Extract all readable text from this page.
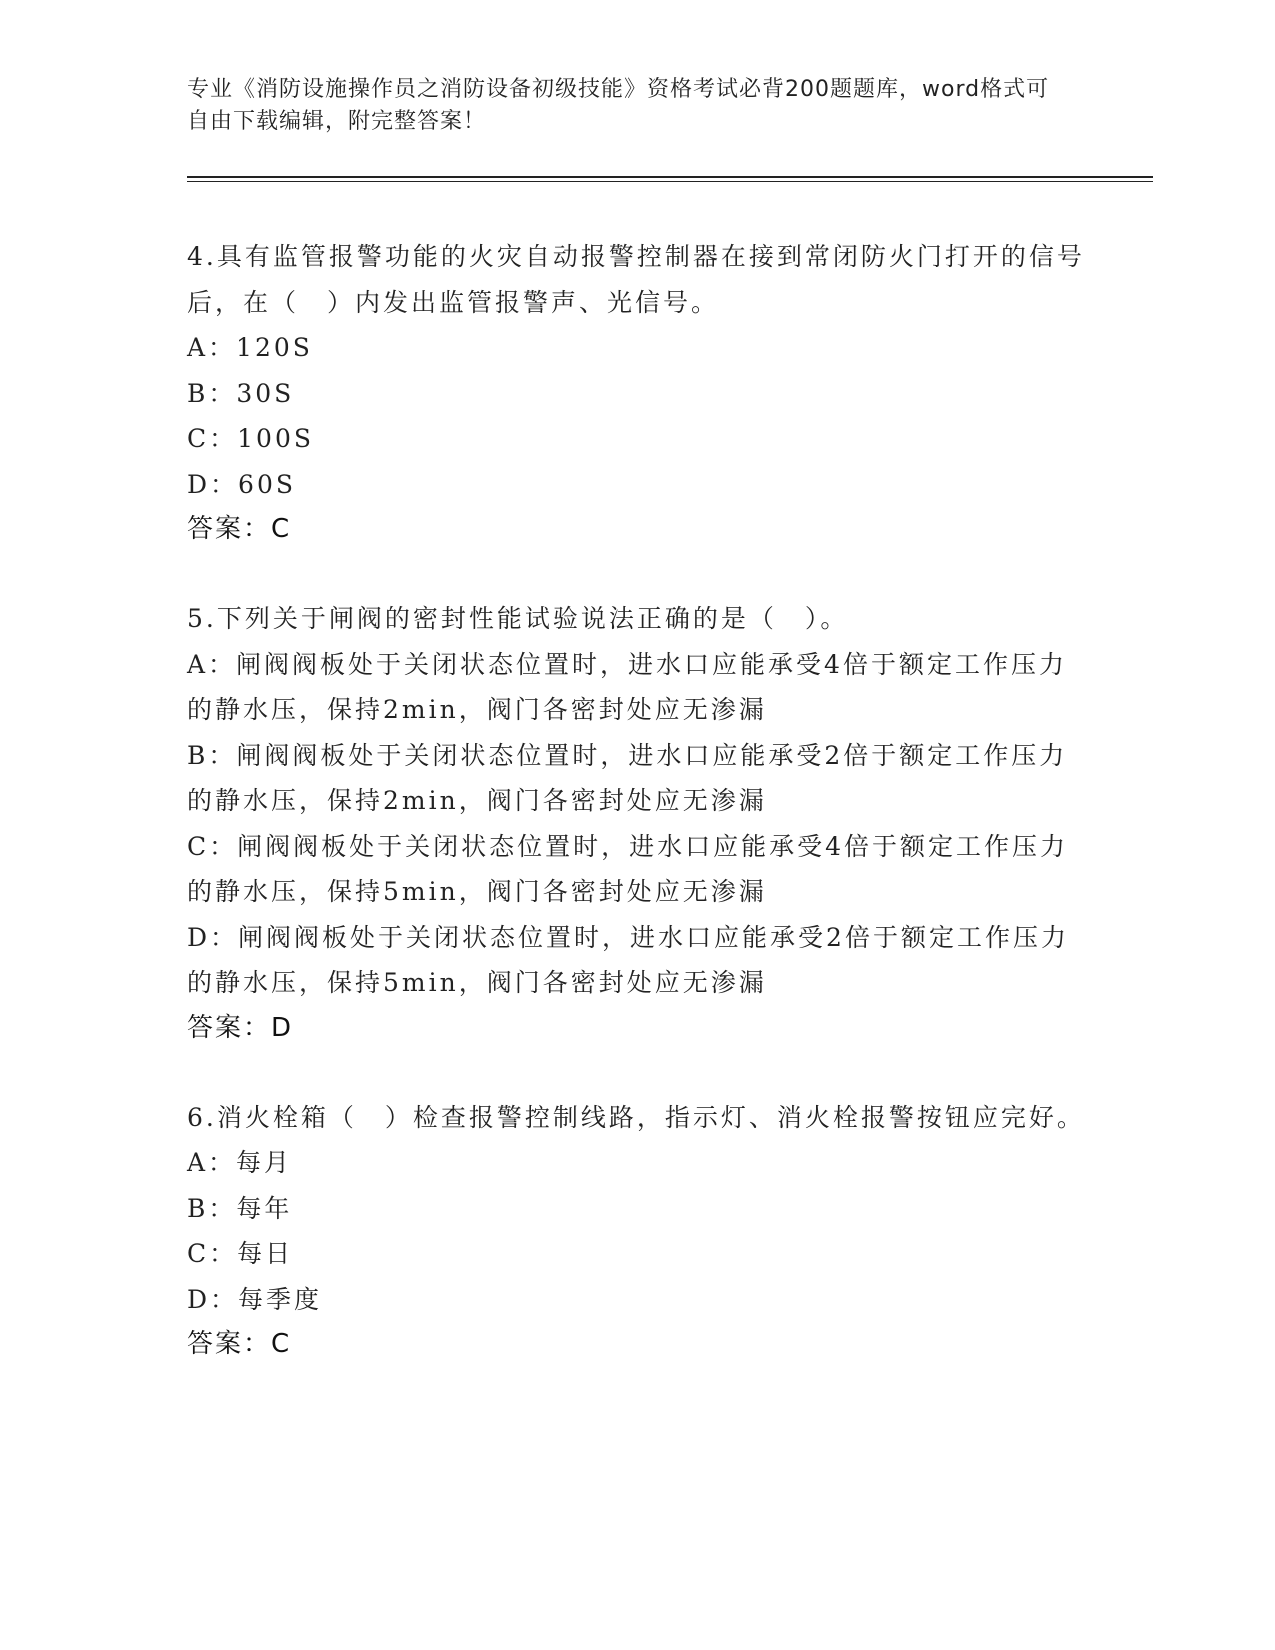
专业《消防设施操作员之消防设备初级技能》资格考试必背200题题库，word格式可自由下载编辑，附完整答案！
4.具有监管报警功能的火灾自动报警控制器在接到常闭防火门打开的信号后，在（　）内发出监管报警声、光信号。
A：120S
B：30S
C：100S
D：60S
答案：C
5.下列关于闸阀的密封性能试验说法正确的是（　）。
A：闸阀阀板处于关闭状态位置时，进水口应能承受4倍于额定工作压力的静水压，保持2min，阀门各密封处应无渗漏
B：闸阀阀板处于关闭状态位置时，进水口应能承受2倍于额定工作压力的静水压，保持2min，阀门各密封处应无渗漏
C：闸阀阀板处于关闭状态位置时，进水口应能承受4倍于额定工作压力的静水压，保持5min，阀门各密封处应无渗漏
D：闸阀阀板处于关闭状态位置时，进水口应能承受2倍于额定工作压力的静水压，保持5min，阀门各密封处应无渗漏
答案：D
6.消火栓箱（　）检查报警控制线路，指示灯、消火栓报警按钮应完好。
A：每月
B：每年
C：每日
D：每季度
答案：C
